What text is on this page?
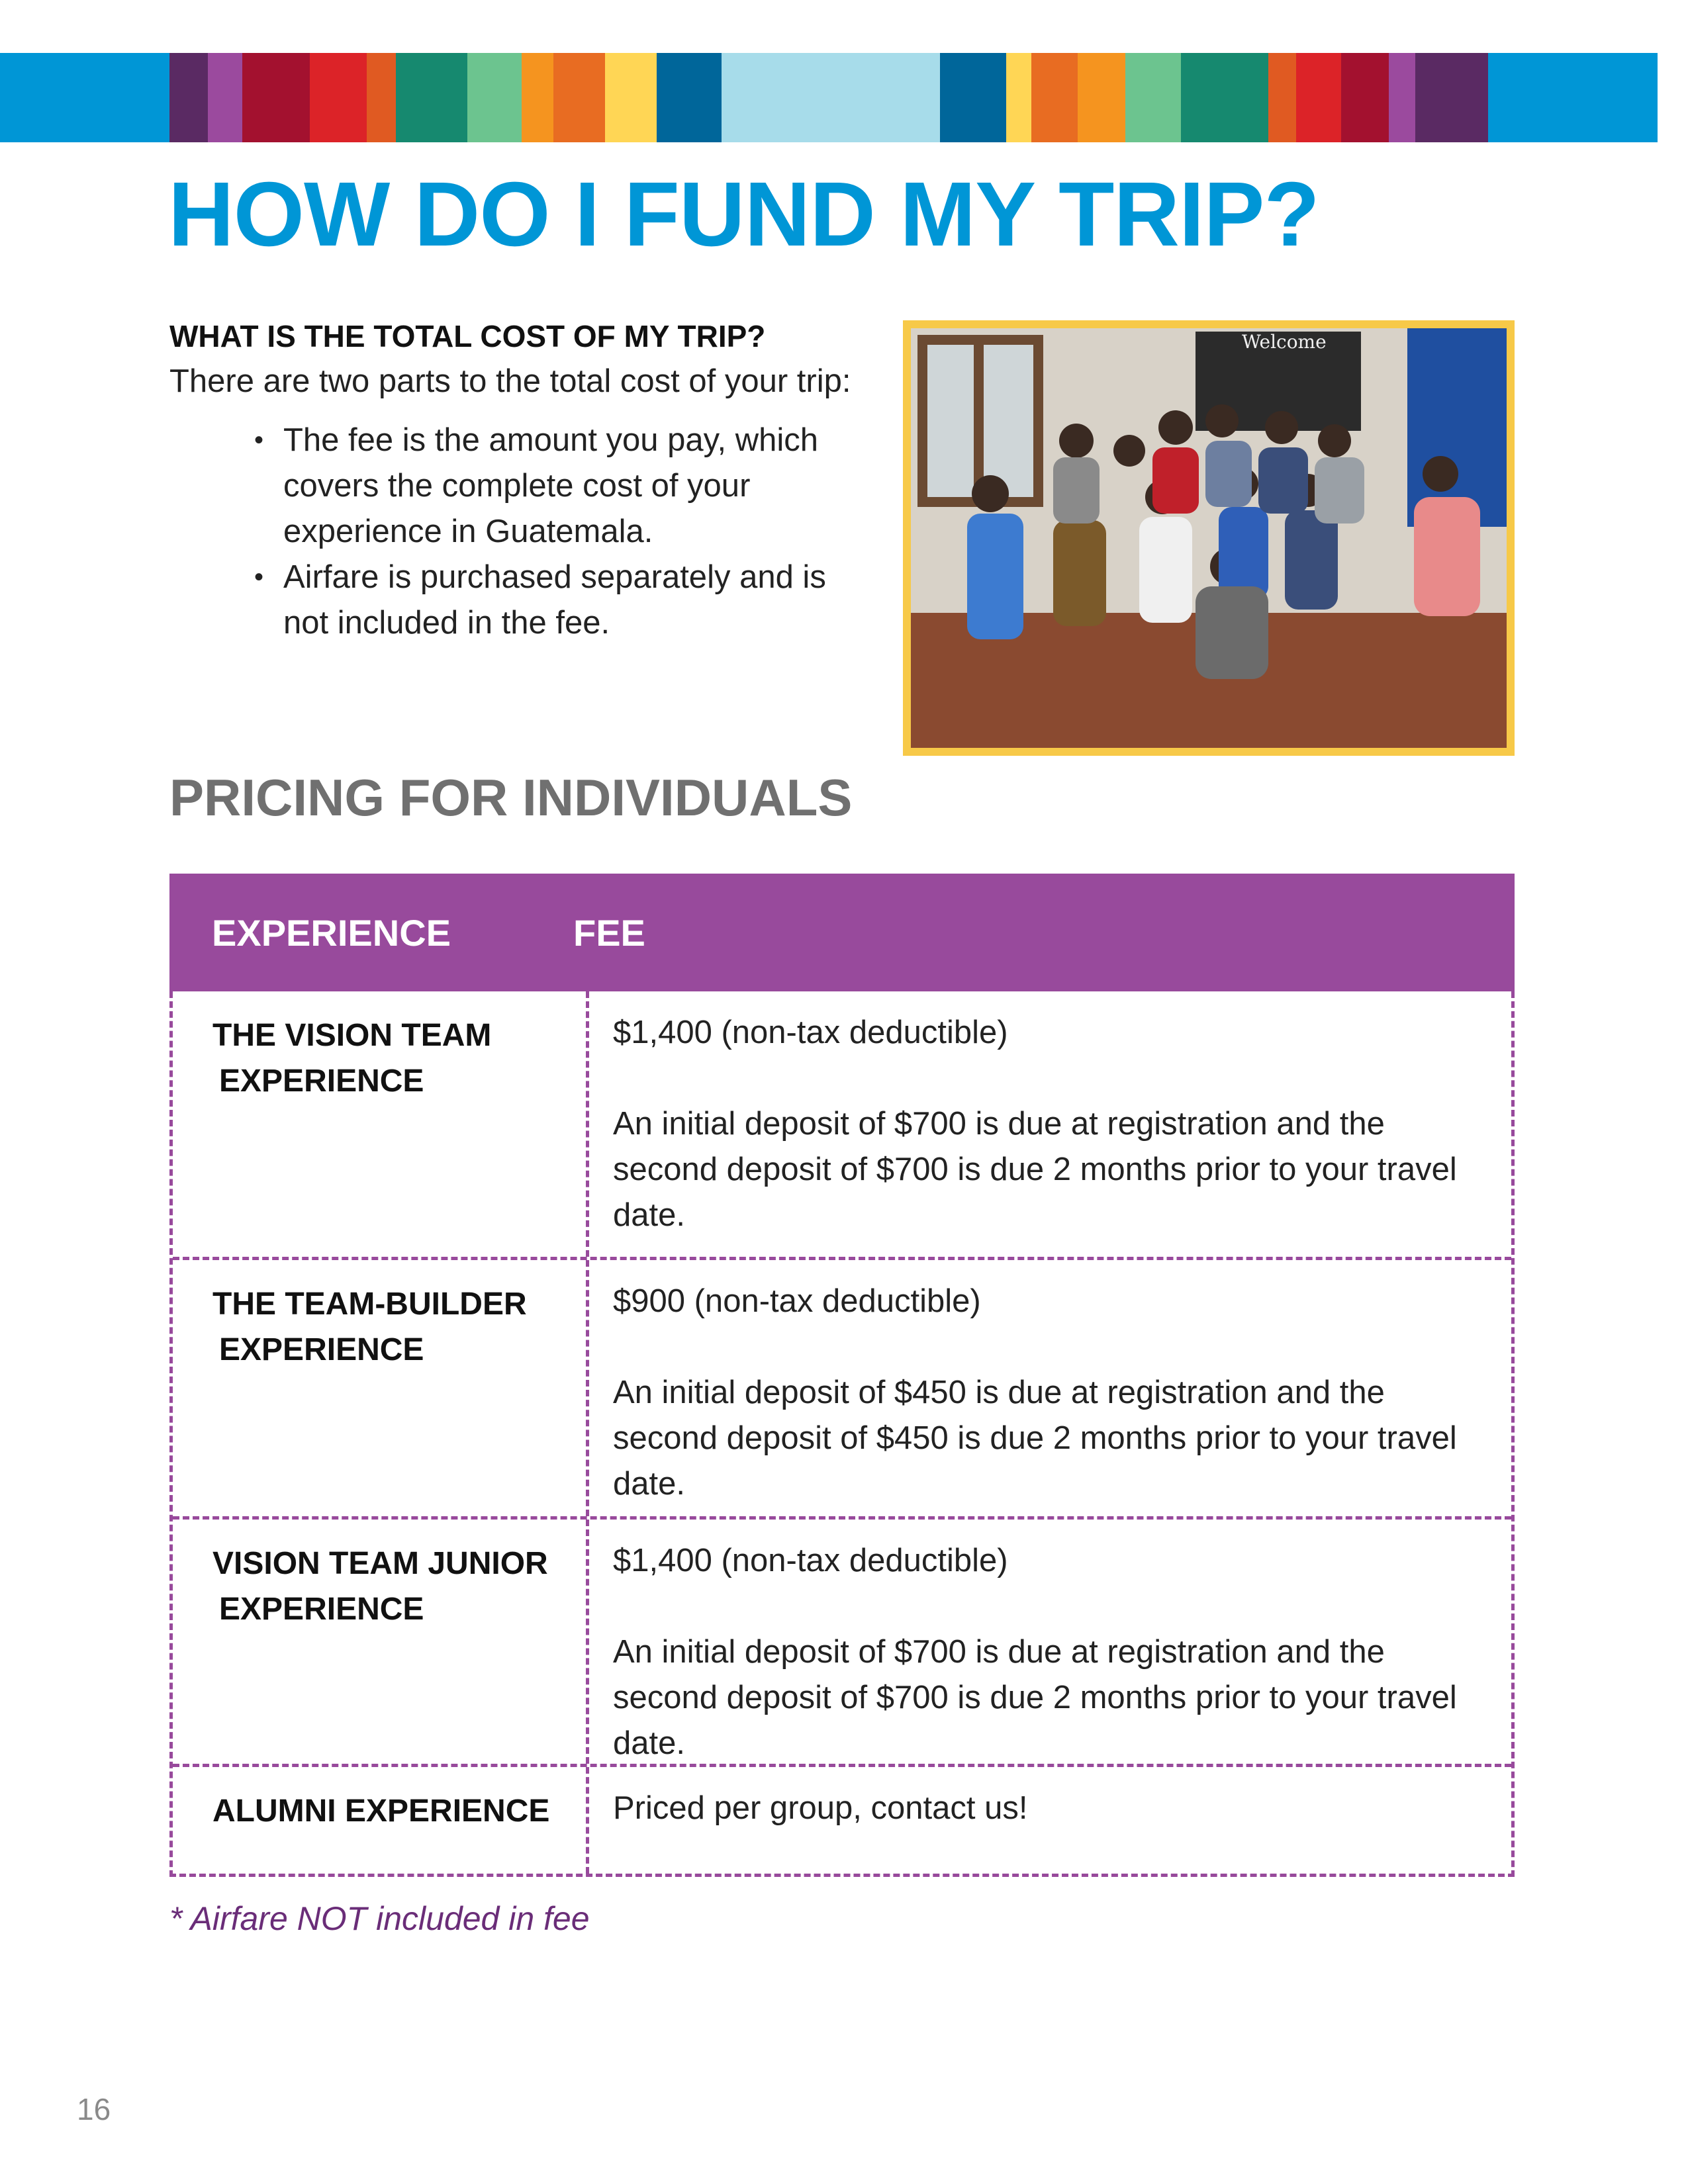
HOW DO I FUND MY TRIP?
WHAT IS THE TOTAL COST OF MY TRIP?

There are two parts to the total cost of your trip:

• The fee is the amount you pay, which covers the complete cost of your experience in Guatemala.
• Airfare is purchased separately and is not included in the fee.
Welcome
PRICING FOR INDIVIDUALS
EXPERIENCE	FEE
THE VISION TEAM
EXPERIENCE

$1,400 (non-tax deductible)

An initial deposit of $700 is due at registration and the second deposit of $700 is due 2 months prior to your travel date.

THE TEAM-BUILDER
EXPERIENCE

$900 (non-tax deductible)

An initial deposit of $450 is due at registration and the second deposit of $450 is due 2 months prior to your travel date.

VISION TEAM JUNIOR
EXPERIENCE

$1,400 (non-tax deductible)

An initial deposit of $700 is due at registration and the second deposit of $700 is due 2 months prior to your travel date.

ALUMNI EXPERIENCE	Priced per group, contact us!

* Airfare NOT included in fee

16
